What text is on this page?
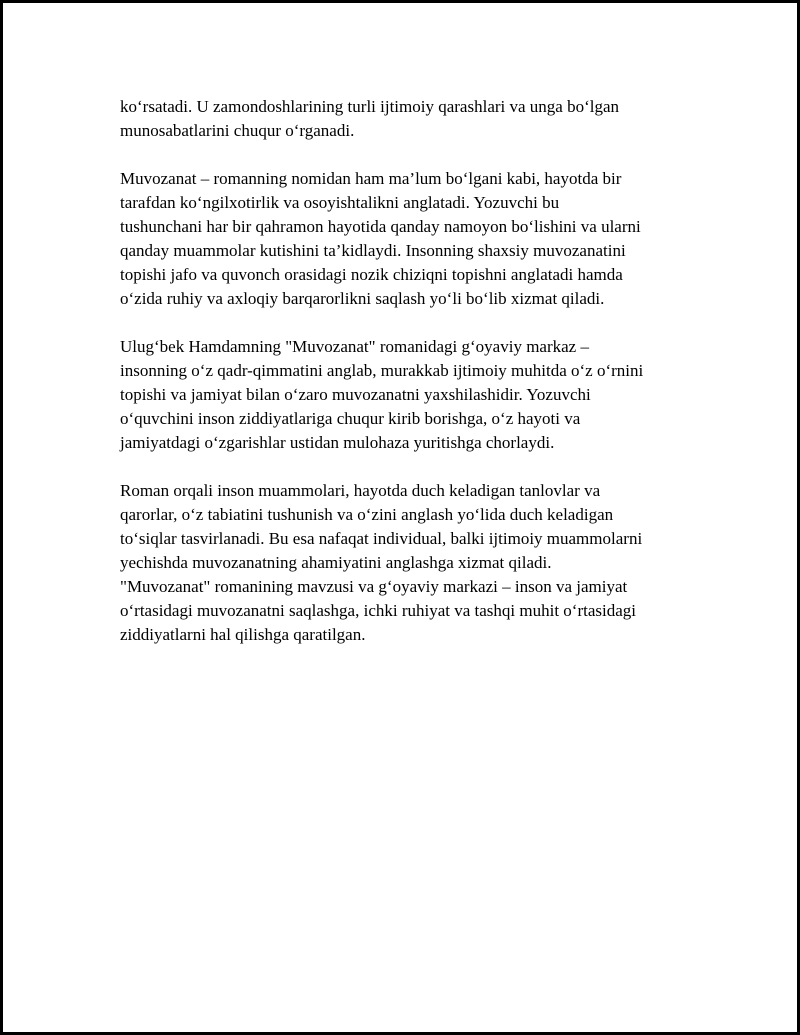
ko‘rsatadi. U zamondoshlarining turli ijtimoiy qarashlari va unga bo‘lgan
munosabatlarini chuqur o‘rganadi.

Muvozanat – romanning nomidan ham ma’lum bo‘lgani kabi, hayotda bir
tarafdan ko‘ngilxotirlik va osoyishtalikni anglatadi. Yozuvchi bu
tushunchani har bir qahramon hayotida qanday namoyon bo‘lishini va ularni
qanday muammolar kutishini ta’kidlaydi. Insonning shaxsiy muvozanatini
topishi jafo va quvonch orasidagi nozik chiziqni topishni anglatadi hamda
o‘zida ruhiy va axloqiy barqarorlikni saqlash yo‘li bo‘lib xizmat qiladi.

Ulug‘bek Hamdamning "Muvozanat" romanidagi g‘oyaviy markaz –
insonning o‘z qadr-qimmatini anglab, murakkab ijtimoiy muhitda o‘z o‘rnini
topishi va jamiyat bilan o‘zaro muvozanatni yaxshilashidir. Yozuvchi
o‘quvchini inson ziddiyatlariga chuqur kirib borishga, o‘z hayoti va
jamiyatdagi o‘zgarishlar ustidan mulohaza yuritishga chorlaydi.

Roman orqali inson muammolari, hayotda duch keladigan tanlovlar va
qarorlar, o‘z tabiatini tushunish va o‘zini anglash yo‘lida duch keladigan
to‘siqlar tasvirlanadi. Bu esa nafaqat individual, balki ijtimoiy muammolarni
yechishda muvozanatning ahamiyatini anglashga xizmat qiladi.
"Muvozanat" romanining mavzusi va g‘oyaviy markazi – inson va jamiyat
o‘rtasidagi muvozanatni saqlashga, ichki ruhiyat va tashqi muhit o‘rtasidagi
ziddiyatlarni hal qilishga qaratilgan.
